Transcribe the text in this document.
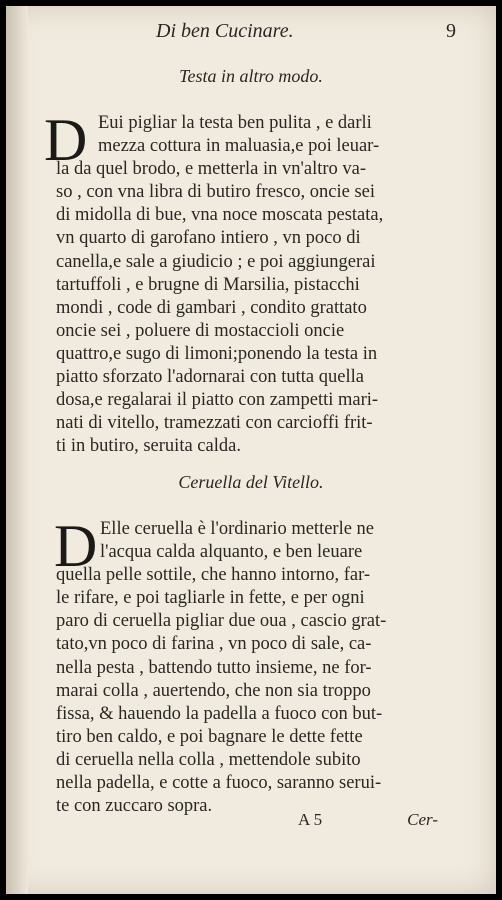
Di ben Cucinare.	9
Testa in altro modo.
D Eui pigliar la testa ben pulita , e darli
mezza cottura in maluasia,e poi leuar-
la da quel brodo, e metterla in vn'altro va-
so , con vna libra di butiro fresco, oncie sei
di midolla di bue, vna noce moscata pestata,
vn quarto di garofano intiero , vn poco di
canella,e sale a giudicio ; e poi aggiungerai
tartuffoli , e brugne di Marsilia, pistacchi
mondi , code di gambari , condito grattato
oncie sei , poluere di mostaccioli oncie
quattro,e sugo di limoni;ponendo la testa in
piatto sforzato l'adornarai con tutta quella
dosa,e regalarai il piatto con zampetti mari-
nati di vitello, tramezzati con carcioffi frit-
ti in butiro, seruita calda.
Ceruella del Vitello.
D Elle ceruella è l'ordinario metterle ne
l'acqua calda alquanto, e ben leuare
quella pelle sottile, che hanno intorno, far-
le rifare, e poi tagliarle in fette, e per ogni
paro di ceruella pigliar due oua , cascio grat-
tato,vn poco di farina , vn poco di sale, ca-
nella pesta , battendo tutto insieme, ne for-
marai colla , auertendo, che non sia troppo
fissa, & hauendo la padella a fuoco con but-
tiro ben caldo, e poi bagnare le dette fette
di ceruella nella colla , mettendole subito
nella padella, e cotte a fuoco, saranno serui-
te con zuccaro sopra.
A 5	Cer-
